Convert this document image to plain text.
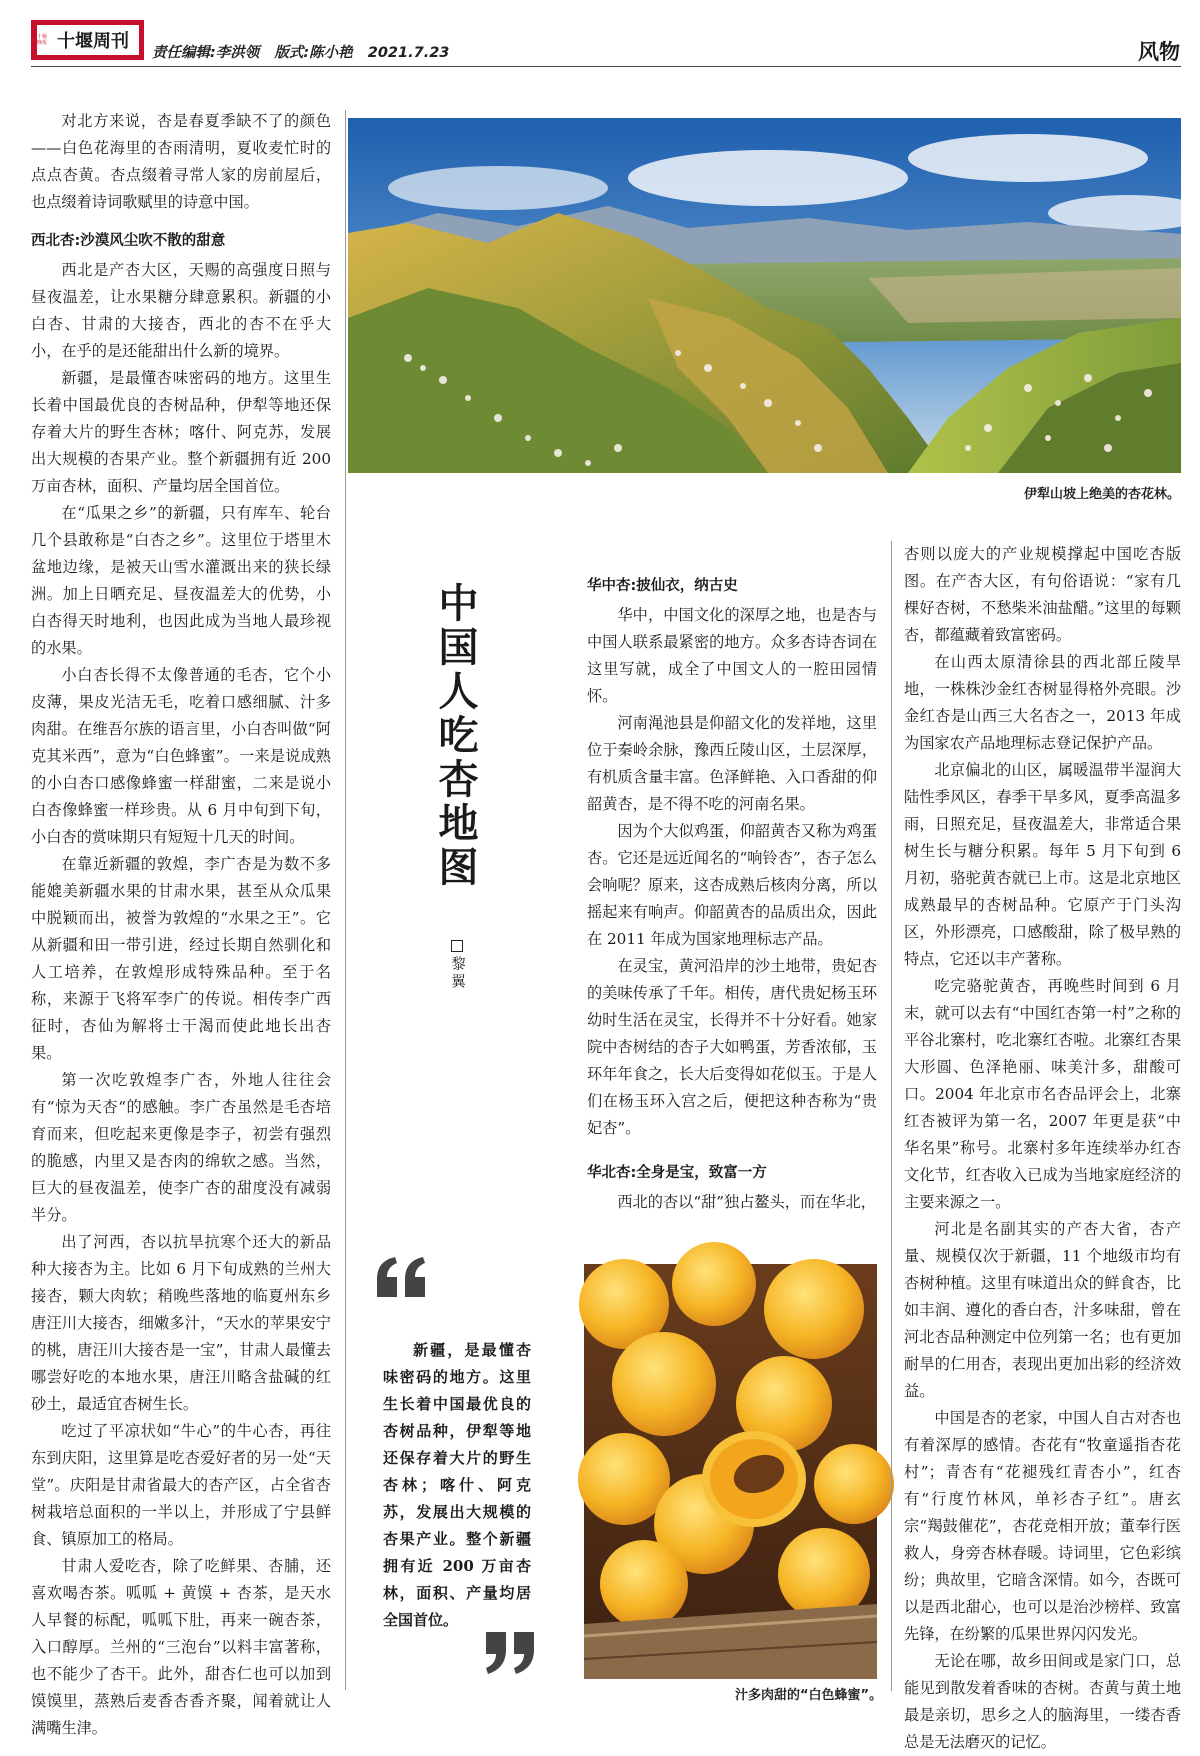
十堰晚报 十堰周刊
责任编辑:李洪领 版式:陈小艳 2021.7.23	风物

对北方来说，杏是春夏季缺不了的颜色——白色花海里的杏雨清明，夏收麦忙时的点点杏黄。杏点缀着寻常人家的房前屋后，也点缀着诗词歌赋里的诗意中国。

西北杏:沙漠风尘吹不散的甜意

西北是产杏大区，天赐的高强度日照与昼夜温差，让水果糖分肆意累积。新疆的小白杏、甘肃的大接杏，西北的杏不在乎大小，在乎的是还能甜出什么新的境界。

新疆，是最懂杏味密码的地方。这里生长着中国最优良的杏树品种，伊犁等地还保存着大片的野生杏林；喀什、阿克苏，发展出大规模的杏果产业。整个新疆拥有近 200 万亩杏林，面积、产量均居全国首位。

在“瓜果之乡”的新疆，只有库车、轮台几个县敢称是“白杏之乡”。这里位于塔里木盆地边缘，是被天山雪水灌溉出来的狭长绿洲。加上日晒充足、昼夜温差大的优势，小白杏得天时地利，也因此成为当地人最珍视的水果。

小白杏长得不太像普通的毛杏，它个小皮薄，果皮光洁无毛，吃着口感细腻、汁多肉甜。在维吾尔族的语言里，小白杏叫做“阿克其米西”，意为“白色蜂蜜”。一来是说成熟的小白杏口感像蜂蜜一样甜蜜，二来是说小白杏像蜂蜜一样珍贵。从 6 月中旬到下旬，小白杏的赏味期只有短短十几天的时间。

在靠近新疆的敦煌，李广杏是为数不多能媲美新疆水果的甘肃水果，甚至从众瓜果中脱颖而出，被誉为敦煌的“水果之王”。它从新疆和田一带引进，经过长期自然驯化和人工培养，在敦煌形成特殊品种。至于名称，来源于飞将军李广的传说。相传李广西征时，杏仙为解将士干渴而使此地长出杏果。

第一次吃敦煌李广杏，外地人往往会有“惊为天杏“的感触。李广杏虽然是毛杏培育而来，但吃起来更像是李子，初尝有强烈的脆感，内里又是杏肉的绵软之感。当然，巨大的昼夜温差，使李广杏的甜度没有减弱半分。

出了河西，杏以抗旱抗寒个还大的新品种大接杏为主。比如 6 月下旬成熟的兰州大接杏，颗大肉软；稍晚些落地的临夏州东乡唐汪川大接杏，细嫩多汁，“天水的苹果安宁的桃，唐汪川大接杏是一宝”，甘肃人最懂去哪尝好吃的本地水果，唐汪川略含盐碱的红砂土，最适宜杏树生长。

吃过了平凉状如“牛心”的牛心杏，再往东到庆阳，这里算是吃杏爱好者的另一处“天堂”。庆阳是甘肃省最大的杏产区，占全省杏树栽培总面积的一半以上，并形成了宁县鲜食、镇原加工的格局。

甘肃人爱吃杏，除了吃鲜果、杏脯，还喜欢喝杏茶。呱呱 + 黄馍 + 杏茶，是天水人早餐的标配，呱呱下肚，再来一碗杏茶，入口醇厚。兰州的“三泡台”以料丰富著称，也不能少了杏干。此外，甜杏仁也可以加到馍馍里，蒸熟后麦香杏香齐聚，闻着就让人满嘴生津。

伊犁山坡上绝美的杏花林。
中国人吃杏地图
黎翼

新疆，是最懂杏味密码的地方。这里生长着中国最优良的杏树品种，伊犁等地还保存着大片的野生杏林；喀什、阿克苏，发展出大规模的杏果产业。整个新疆拥有近 200 万亩杏林，面积、产量均居全国首位。

华中杏:披仙衣，纳古史

华中，中国文化的深厚之地，也是杏与中国人联系最紧密的地方。众多杏诗杏词在这里写就，成全了中国文人的一腔田园情怀。

河南渑池县是仰韶文化的发祥地，这里位于秦岭余脉，豫西丘陵山区，土层深厚，有机质含量丰富。色泽鲜艳、入口香甜的仰韶黄杏，是不得不吃的河南名果。

因为个大似鸡蛋，仰韶黄杏又称为鸡蛋杏。它还是远近闻名的“响铃杏”，杏子怎么会响呢？原来，这杏成熟后核肉分离，所以摇起来有响声。仰韶黄杏的品质出众，因此在 2011 年成为国家地理标志产品。

在灵宝，黄河沿岸的沙土地带，贵妃杏的美味传承了千年。相传，唐代贵妃杨玉环幼时生活在灵宝，长得并不十分好看。她家院中杏树结的杏子大如鸭蛋，芳香浓郁，玉环年年食之，长大后变得如花似玉。于是人们在杨玉环入宫之后，便把这种杏称为“贵妃杏”。

华北杏:全身是宝，致富一方

西北的杏以“甜”独占鳌头，而在华北，

汁多肉甜的“白色蜂蜜”。

杏则以庞大的产业规模撑起中国吃杏版图。在产杏大区，有句俗语说：“家有几棵好杏树，不愁柴米油盐醋。”这里的每颗杏，都蕴藏着致富密码。

在山西太原清徐县的西北部丘陵旱地，一株株沙金红杏树显得格外亮眼。沙金红杏是山西三大名杏之一，2013 年成为国家农产品地理标志登记保护产品。

北京偏北的山区，属暖温带半湿润大陆性季风区，春季干旱多风，夏季高温多雨，日照充足，昼夜温差大，非常适合果树生长与糖分积累。每年 5 月下旬到 6 月初，骆驼黄杏就已上市。这是北京地区成熟最早的杏树品种。它原产于门头沟区，外形漂亮，口感酸甜，除了极早熟的特点，它还以丰产著称。

吃完骆驼黄杏，再晚些时间到 6 月末，就可以去有“中国红杏第一村”之称的平谷北寨村，吃北寨红杏啦。北寨红杏果大形圆、色泽艳丽、味美汁多，甜酸可口。2004 年北京市名杏品评会上，北寨红杏被评为第一名，2007 年更是获“中华名果”称号。北寨村多年连续举办红杏文化节，红杏收入已成为当地家庭经济的主要来源之一。

河北是名副其实的产杏大省，杏产量、规模仅次于新疆，11 个地级市均有杏树种植。这里有味道出众的鲜食杏，比如丰润、遵化的香白杏，汁多味甜，曾在河北杏品种测定中位列第一名；也有更加耐旱的仁用杏，表现出更加出彩的经济效益。

中国是杏的老家，中国人自古对杏也有着深厚的感情。杏花有“牧童遥指杏花村”；青杏有“花褪残红青杏小”，红杏有“行度竹林风，单衫杏子红”。唐玄宗“羯鼓催花”，杏花竞相开放；董奉行医救人，身旁杏林春暖。诗词里，它色彩缤纷；典故里，它暗含深情。如今，杏既可以是西北甜心，也可以是治沙榜样、致富先锋，在纷繁的瓜果世界闪闪发光。

无论在哪，故乡田间或是家门口，总能见到散发着香味的杏树。杏黄与黄土地最是亲切，思乡之人的脑海里，一缕杏香总是无法磨灭的记忆。
